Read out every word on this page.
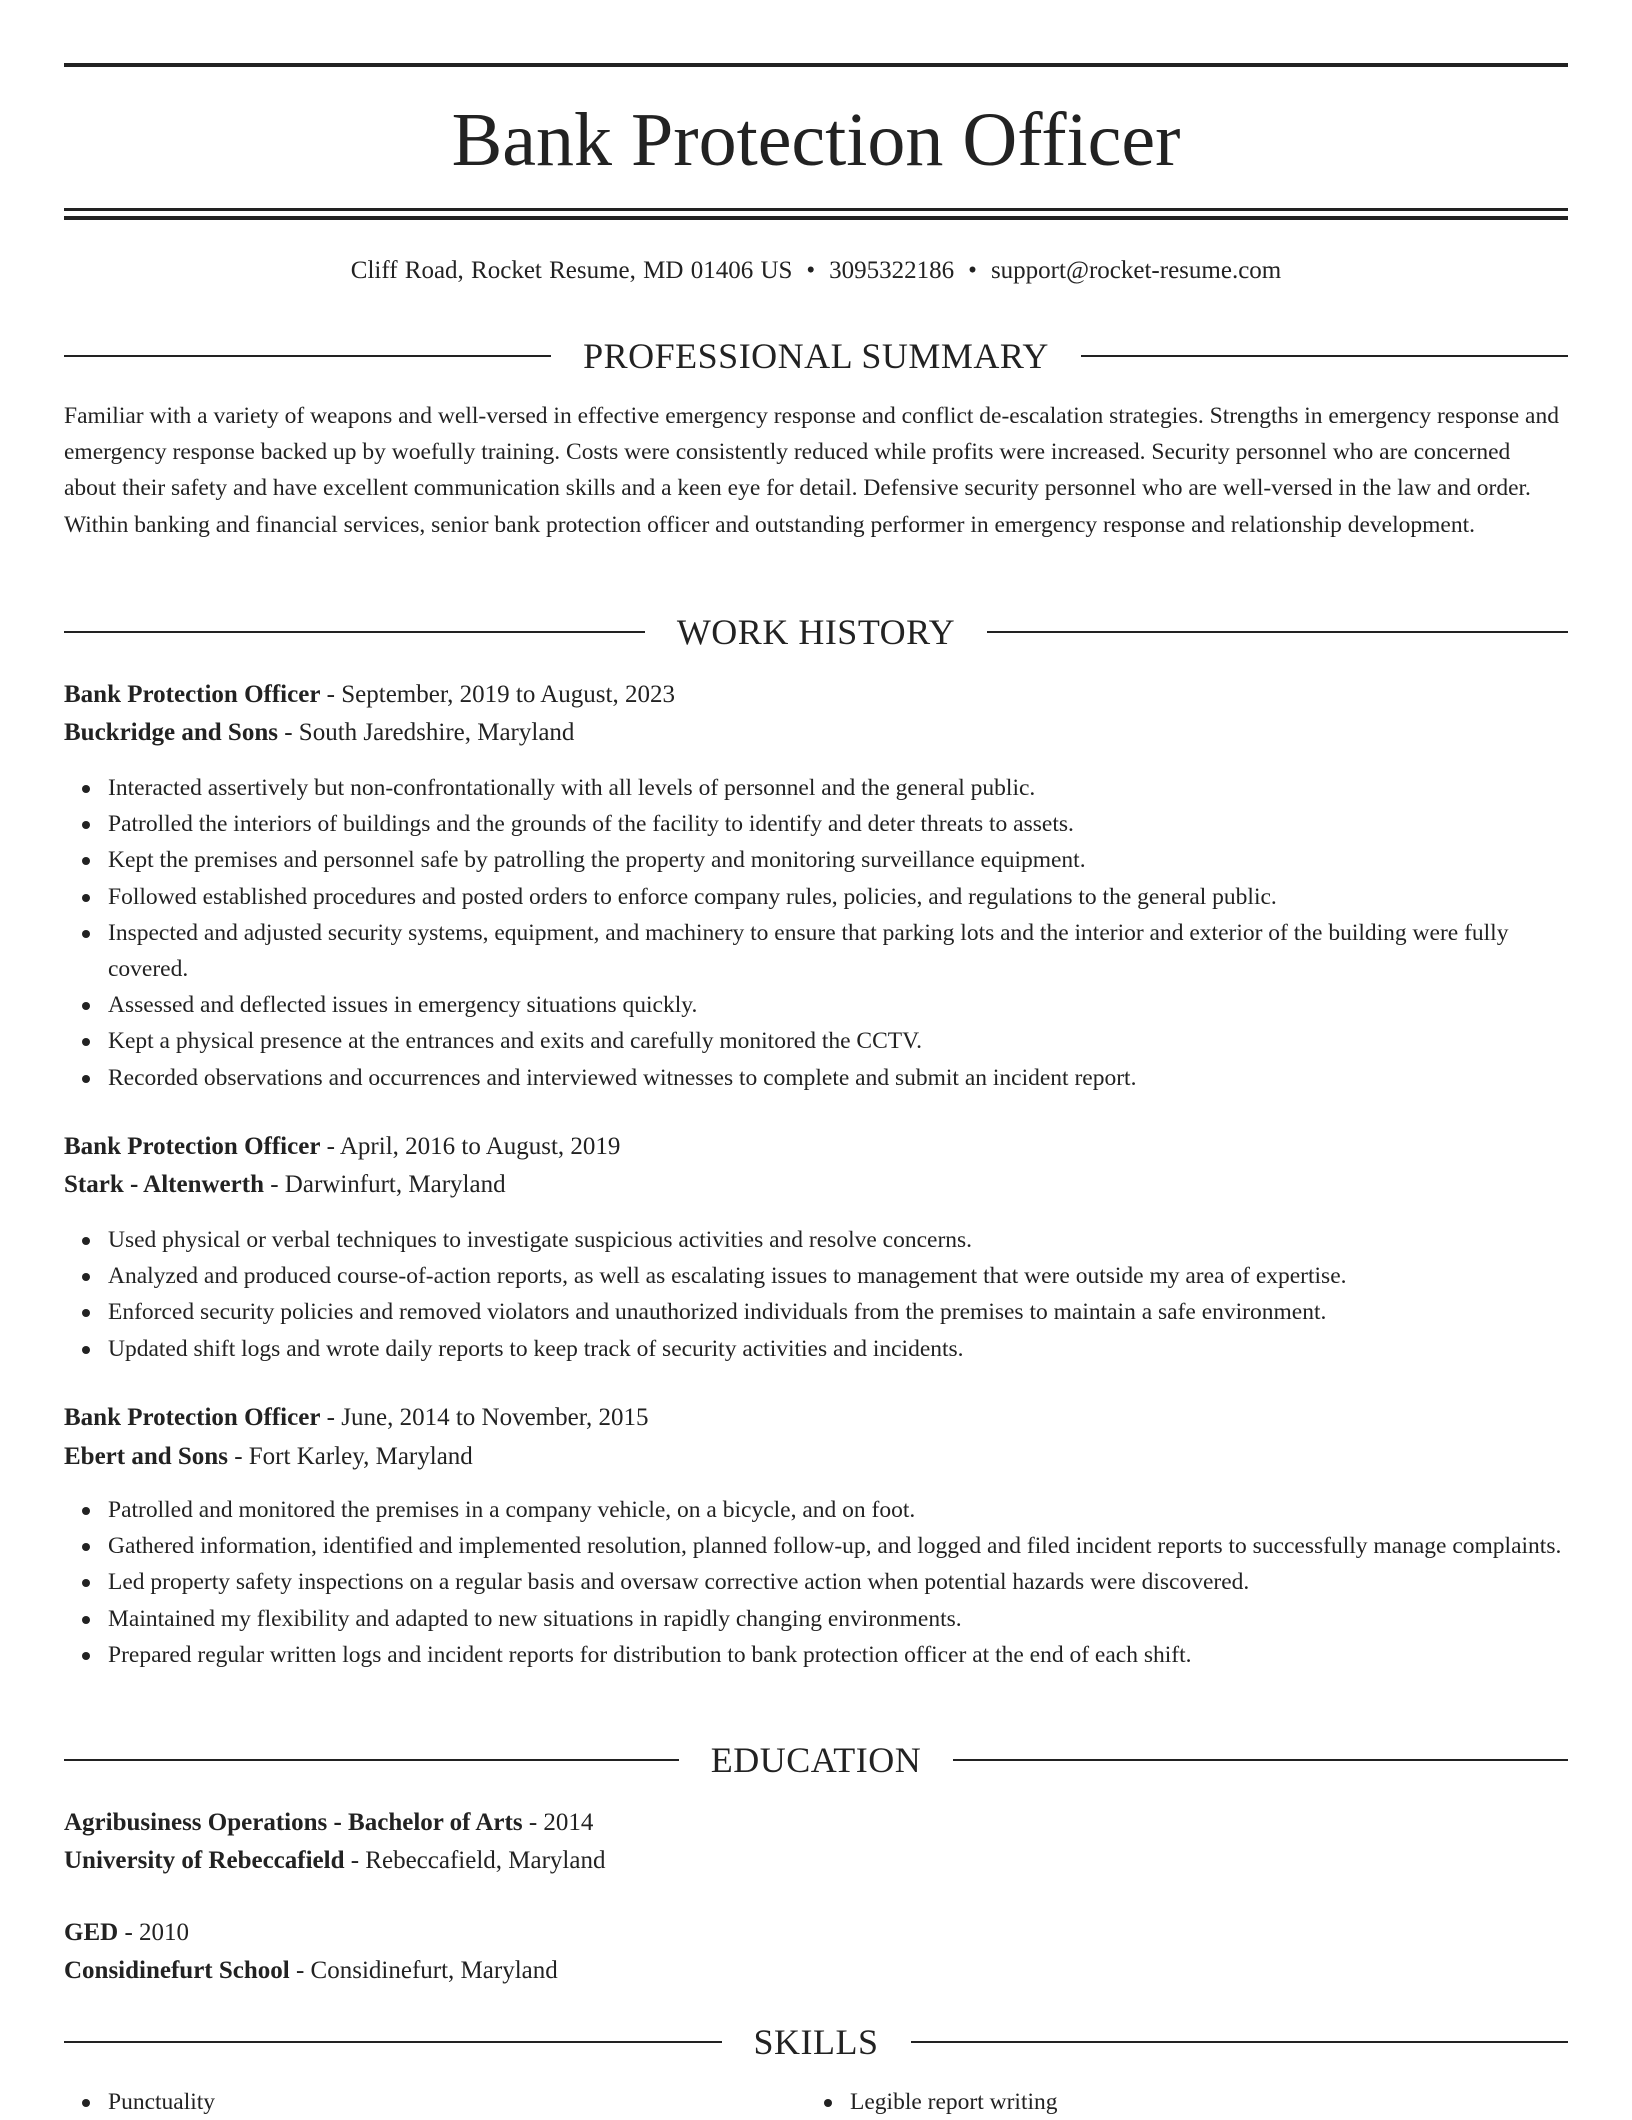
Bank Protection Officer
Cliff Road, Rocket Resume, MD 01406 US • 3095322186 • support@rocket-resume.com
PROFESSIONAL SUMMARY

Familiar with a variety of weapons and well-versed in effective emergency response and conflict de-escalation strategies. Strengths in emergency response and emergency response backed up by woefully training. Costs were consistently reduced while profits were increased. Security personnel who are concerned about their safety and have excellent communication skills and a keen eye for detail. Defensive security personnel who are well-versed in the law and order. Within banking and financial services, senior bank protection officer and outstanding performer in emergency response and relationship development.

WORK HISTORY
Bank Protection Officer - September, 2019 to August, 2023
Buckridge and Sons - South Jaredshire, Maryland
Interacted assertively but non-confrontationally with all levels of personnel and the general public.
Patrolled the interiors of buildings and the grounds of the facility to identify and deter threats to assets.
Kept the premises and personnel safe by patrolling the property and monitoring surveillance equipment.
Followed established procedures and posted orders to enforce company rules, policies, and regulations to the general public.
Inspected and adjusted security systems, equipment, and machinery to ensure that parking lots and the interior and exterior of the building were fully covered.
Assessed and deflected issues in emergency situations quickly.
Kept a physical presence at the entrances and exits and carefully monitored the CCTV.
Recorded observations and occurrences and interviewed witnesses to complete and submit an incident report.
Bank Protection Officer - April, 2016 to August, 2019
Stark - Altenwerth - Darwinfurt, Maryland
Used physical or verbal techniques to investigate suspicious activities and resolve concerns.
Analyzed and produced course-of-action reports, as well as escalating issues to management that were outside my area of expertise.
Enforced security policies and removed violators and unauthorized individuals from the premises to maintain a safe environment.
Updated shift logs and wrote daily reports to keep track of security activities and incidents.
Bank Protection Officer - June, 2014 to November, 2015
Ebert and Sons - Fort Karley, Maryland
Patrolled and monitored the premises in a company vehicle, on a bicycle, and on foot.
Gathered information, identified and implemented resolution, planned follow-up, and logged and filed incident reports to successfully manage complaints.
Led property safety inspections on a regular basis and oversaw corrective action when potential hazards were discovered.
Maintained my flexibility and adapted to new situations in rapidly changing environments.
Prepared regular written logs and incident reports for distribution to bank protection officer at the end of each shift.
EDUCATION
Agribusiness Operations - Bachelor of Arts - 2014
University of Rebeccafield - Rebeccafield, Maryland
GED - 2010
Considinefurt School - Considinefurt, Maryland
SKILLS
Punctuality	Legible report writing
